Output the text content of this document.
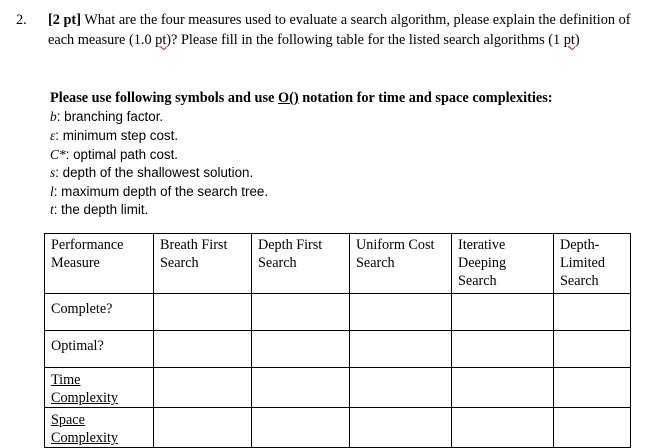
2. [2 pt] What are the four measures used to evaluate a search algorithm, please explain the definition of each measure (1.0 pt)? Please fill in the following table for the listed search algorithms (1 pt)
Please use following symbols and use O() notation for time and space complexities:
b: branching factor.
ε: minimum step cost.
C*: optimal path cost.
s: depth of the shallowest solution.
l: maximum depth of the search tree.
t: the depth limit.
Performance Measure	Breath First Search	Depth First Search	Uniform Cost Search	Iterative Deeping Search	Depth-Limited Search
Complete?					
Optimal?					
Time Complexity					
Space Complexity					
